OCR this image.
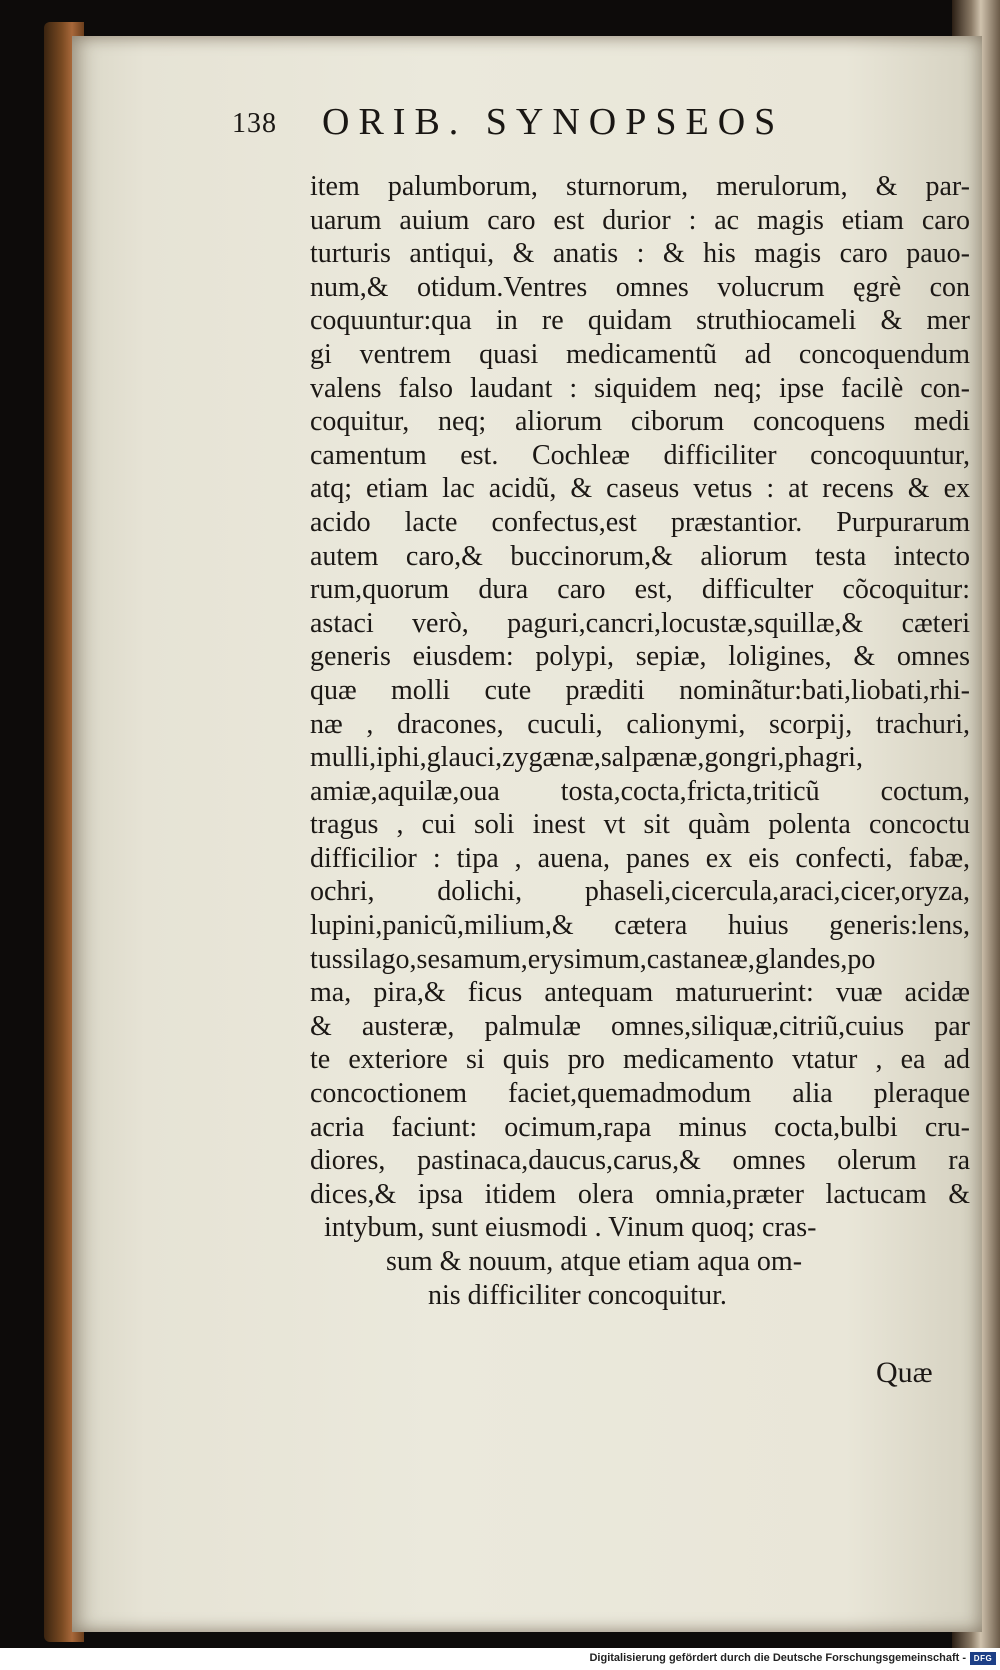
138 ORIB. SYNOPSEOS
item palumborum, sturnorum, merulorum, & par-
uarum auium caro est durior : ac magis etiam caro
turturis antiqui, & anatis : & his magis caro pauo-
num,& otidum.Ventres omnes volucrum ęgrè con
coquuntur:qua in re quidam struthiocameli & mer
gi ventrem quasi medicamentũ ad concoquendum
valens falso laudant : siquidem neq; ipse facilè con-
coquitur, neq; aliorum ciborum concoquens medi
camentum est. Cochleæ difficiliter concoquuntur,
atq; etiam lac acidũ, & caseus vetus : at recens & ex
acido lacte confectus,est præstantior. Purpurarum
autem caro,& buccinorum,& aliorum testa intecto
rum,quorum dura caro est, difficulter cõcoquitur:
astaci verò, paguri,cancri,locustæ,squillæ,& cæteri
generis eiusdem: polypi, sepiæ, loligines, & omnes
quæ molli cute præditi nominãtur:bati,liobati,rhi-
næ , dracones, cuculi, calionymi, scorpij, trachuri,
mulli,iphi,glauci,zygænæ,salpænæ,gongri,phagri,
amiæ,aquilæ,oua tosta,cocta,fricta,triticũ coctum,
tragus , cui soli inest vt sit quàm polenta concoctu
difficilior : tipa , auena, panes ex eis confecti, fabæ,
ochri, dolichi, phaseli,cicercula,araci,cicer,oryza,
lupini,panicũ,milium,& cætera huius generis:lens,
tussilago,sesamum,erysimum,castaneæ,glandes,po
ma, pira,& ficus antequam maturuerint: vuæ acidæ
& austeræ, palmulæ omnes,siliquæ,citriũ,cuius par
te exteriore si quis pro medicamento vtatur , ea ad
concoctionem faciet,quemadmodum alia pleraque
acria faciunt: ocimum,rapa minus cocta,bulbi cru-
diores, pastinaca,daucus,carus,& omnes olerum ra
dices,& ipsa itidem olera omnia,præter lactucam &
intybum, sunt eiusmodi . Vinum quoq; cras-
sum & nouum, atque etiam aqua om-
nis difficiliter concoquitur.
Quæ
Digitalisierung gefördert durch die Deutsche Forschungsgemeinschaft - DFG
